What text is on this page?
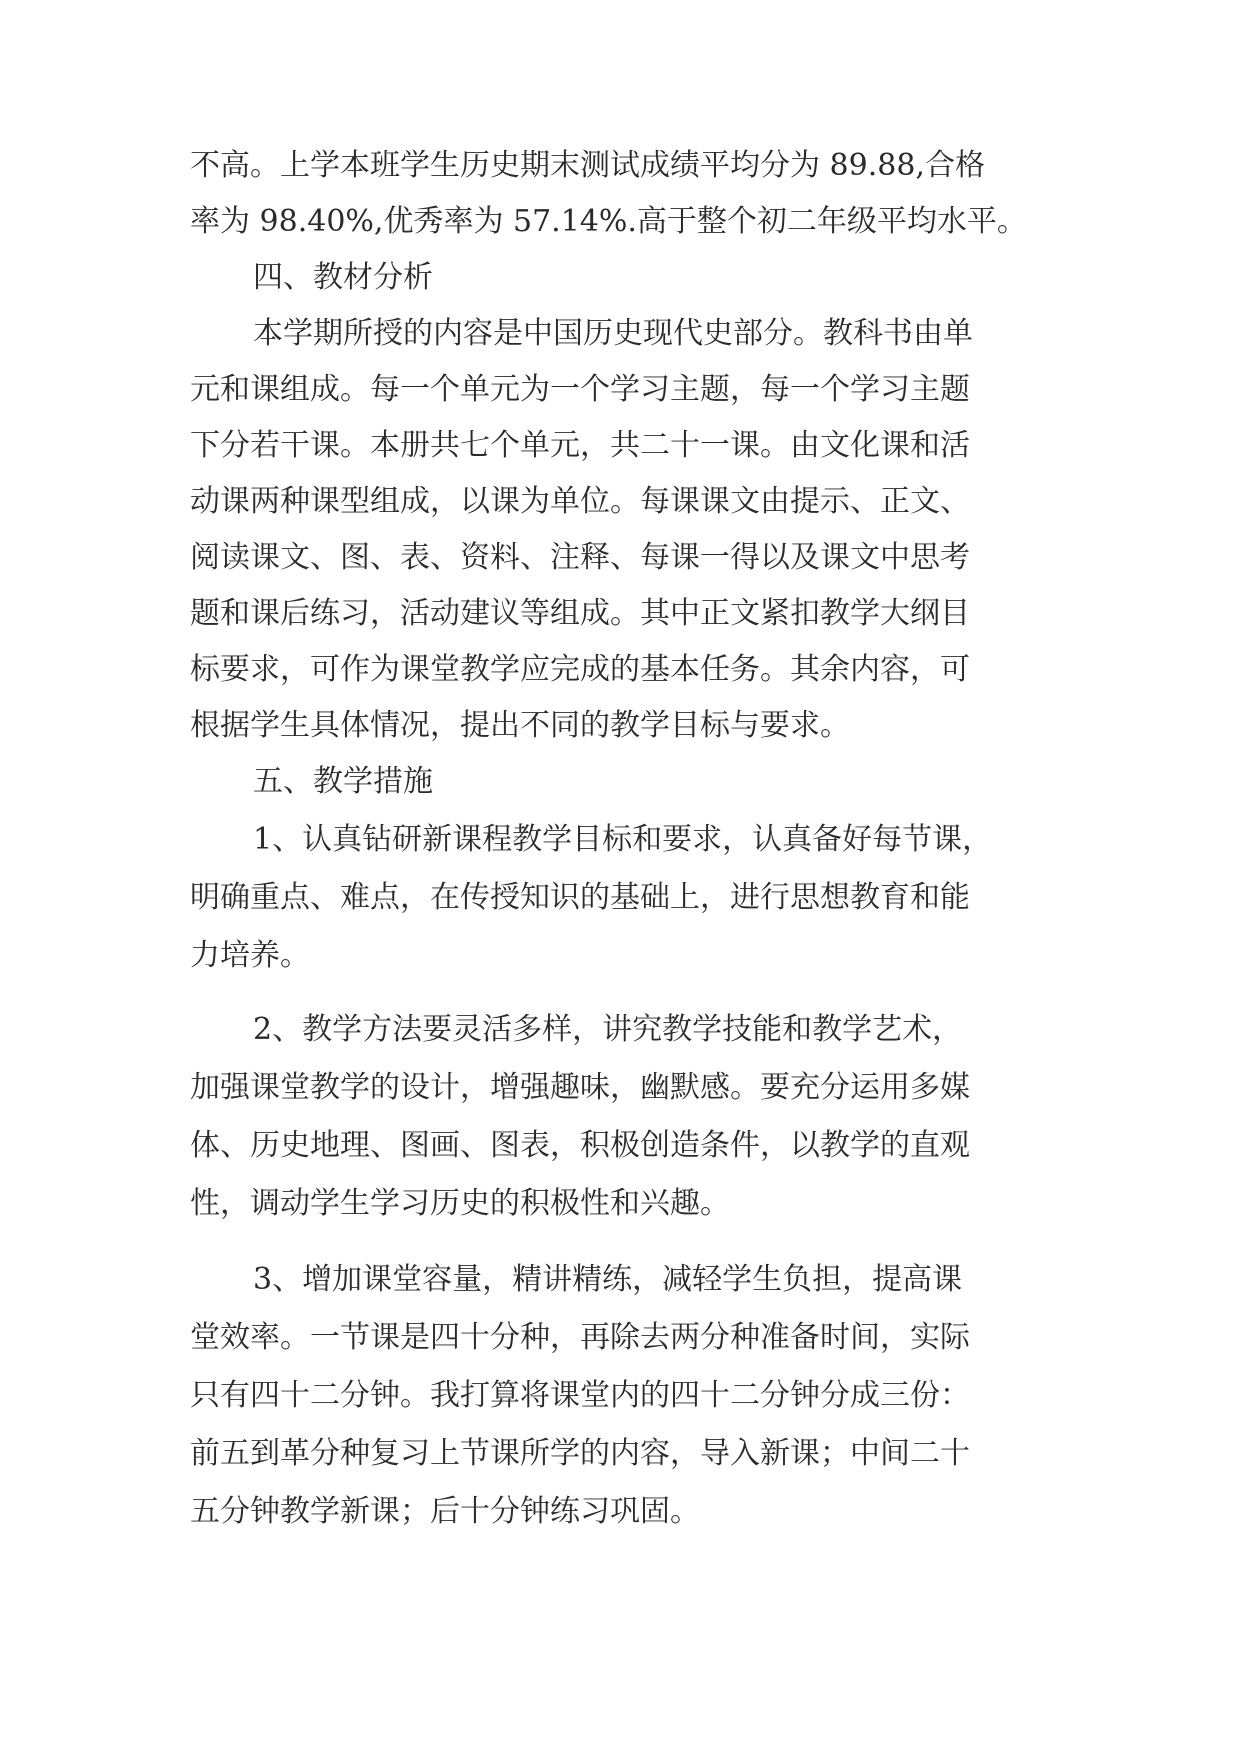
不高。上学本班学生历史期末测试成绩平均分为 89.88,合格
率为 98.40%,优秀率为 57.14%.高于整个初二年级平均水平。
四、教材分析
本学期所授的内容是中国历史现代史部分。教科书由单
元和课组成。每一个单元为一个学习主题，每一个学习主题
下分若干课。本册共七个单元，共二十一课。由文化课和活
动课两种课型组成，以课为单位。每课课文由提示、正文、
阅读课文、图、表、资料、注释、每课一得以及课文中思考
题和课后练习，活动建议等组成。其中正文紧扣教学大纲目
标要求，可作为课堂教学应完成的基本任务。其余内容，可
根据学生具体情况，提出不同的教学目标与要求。
五、教学措施
1、认真钻研新课程教学目标和要求，认真备好每节课，
明确重点、难点，在传授知识的基础上，进行思想教育和能
力培养。
2、教学方法要灵活多样，讲究教学技能和教学艺术，
加强课堂教学的设计，增强趣味，幽默感。要充分运用多媒
体、历史地理、图画、图表，积极创造条件，以教学的直观
性，调动学生学习历史的积极性和兴趣。
3、增加课堂容量，精讲精练，减轻学生负担，提高课
堂效率。一节课是四十分种，再除去两分种准备时间，实际
只有四十二分钟。我打算将课堂内的四十二分钟分成三份：
前五到革分种复习上节课所学的内容，导入新课；中间二十
五分钟教学新课；后十分钟练习巩固。
